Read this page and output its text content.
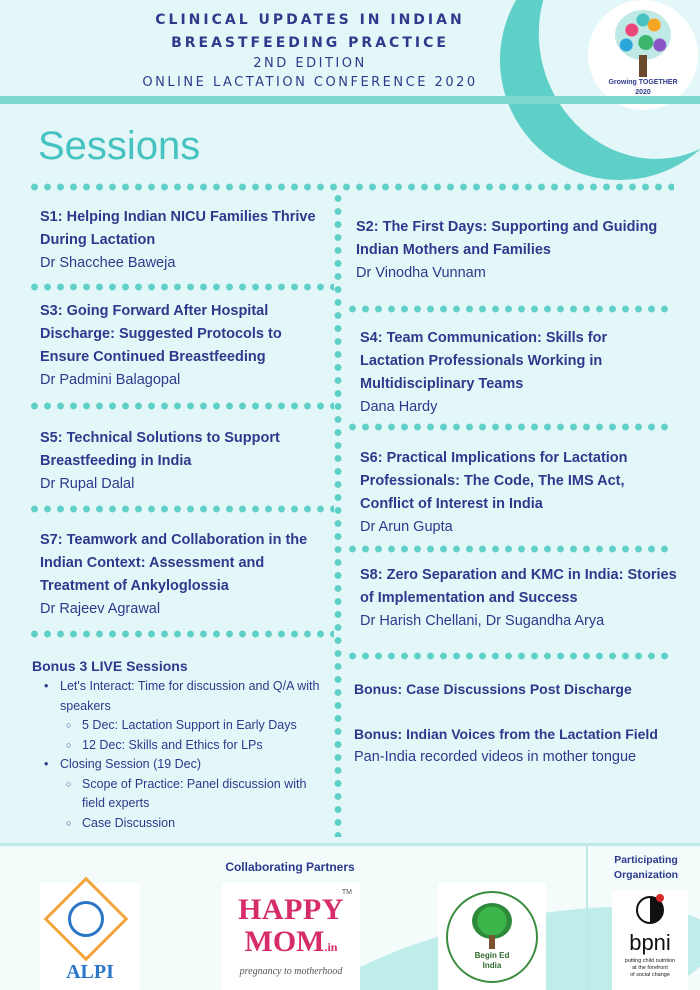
Growing TOGETHER
2020
CLINICAL UPDATES IN INDIAN
BREASTFEEDING PRACTICE
2ND EDITION
ONLINE LACTATION CONFERENCE 2020
Sessions
S1: Helping Indian NICU Families Thrive During Lactation
Dr Shacchee Baweja
S2: The First Days: Supporting and Guiding Indian Mothers and Families
Dr Vinodha Vunnam
S3: Going Forward After Hospital Discharge: Suggested Protocols to Ensure Continued Breastfeeding
Dr Padmini Balagopal
S4: Team Communication: Skills for Lactation Professionals Working in Multidisciplinary Teams
Dana Hardy
S5: Technical Solutions to Support Breastfeeding in India
Dr Rupal Dalal
S6: Practical Implications for Lactation Professionals: The Code, The IMS Act, Conflict of Interest in India
Dr Arun Gupta
S7: Teamwork and Collaboration in the Indian Context: Assessment and Treatment of Ankyloglossia
Dr Rajeev Agrawal
S8: Zero Separation and KMC in India: Stories of Implementation and Success
Dr Harish Chellani, Dr Sugandha Arya
Bonus 3 LIVE Sessions
• Let's Interact: Time for discussion and Q/A with speakers
○ 5 Dec: Lactation Support in Early Days
○ 12 Dec: Skills and Ethics for LPs
• Closing Session (19 Dec)
○ Scope of Practice: Panel discussion with field experts
○ Case Discussion
Bonus: Case Discussions Post Discharge
Bonus: Indian Voices from the Lactation Field
Pan-India recorded videos in mother tongue
Collaborating Partners	Participating
Organization
ALPI
TM
HAPPY
MOM.in
pregnancy to motherhood
Begin Ed
India
bpni
putting child nutrition
at the forefront
of social change
